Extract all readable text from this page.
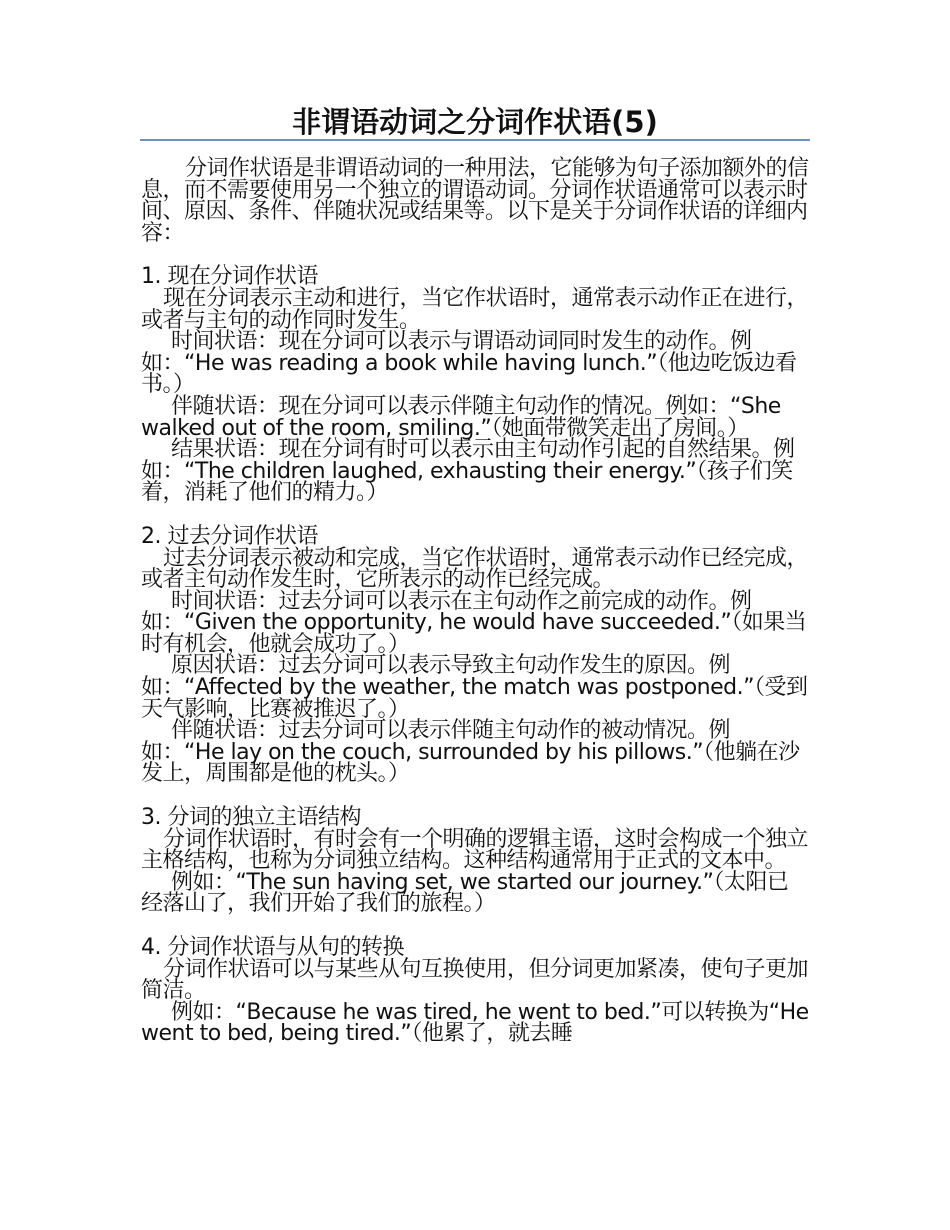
非谓语动词之分词作状语(5)

分词作状语是非谓语动词的一种用法，它能够为句子添加额外的信息，而不需要使用另一个独立的谓语动词。分词作状语通常可以表示时间、原因、条件、伴随状况或结果等。以下是关于分词作状语的详细内容：

1. 现在分词作状语

现在分词表示主动和进行，当它作状语时，通常表示动作正在进行，或者与主句的动作同时发生。

时间状语：现在分词可以表示与谓语动词同时发生的动作。例如：“He was reading a book while having lunch.”（他边吃饭边看书。）

伴随状语：现在分词可以表示伴随主句动作的情况。例如：“She walked out of the room, smiling.”（她面带微笑走出了房间。）

结果状语：现在分词有时可以表示由主句动作引起的自然结果。例如：“The children laughed, exhausting their energy.”（孩子们笑着，消耗了他们的精力。）

2. 过去分词作状语

过去分词表示被动和完成，当它作状语时，通常表示动作已经完成，或者主句动作发生时，它所表示的动作已经完成。

时间状语：过去分词可以表示在主句动作之前完成的动作。例如：“Given the opportunity, he would have succeeded.”（如果当时有机会，他就会成功了。）

原因状语：过去分词可以表示导致主句动作发生的原因。例如：“Affected by the weather, the match was postponed.”（受到天气影响，比赛被推迟了。）

伴随状语：过去分词可以表示伴随主句动作的被动情况。例如：“He lay on the couch, surrounded by his pillows.”（他躺在沙发上，周围都是他的枕头。）

3. 分词的独立主语结构

分词作状语时，有时会有一个明确的逻辑主语，这时会构成一个独立主格结构，也称为分词独立结构。这种结构通常用于正式的文本中。

例如：“The sun having set, we started our journey.”（太阳已经落山了，我们开始了我们的旅程。）

4. 分词作状语与从句的转换

分词作状语可以与某些从句互换使用，但分词更加紧凑，使句子更加简洁。

例如：“Because he was tired, he went to bed.”可以转换为“He went to bed, being tired.”（他累了，就去睡
